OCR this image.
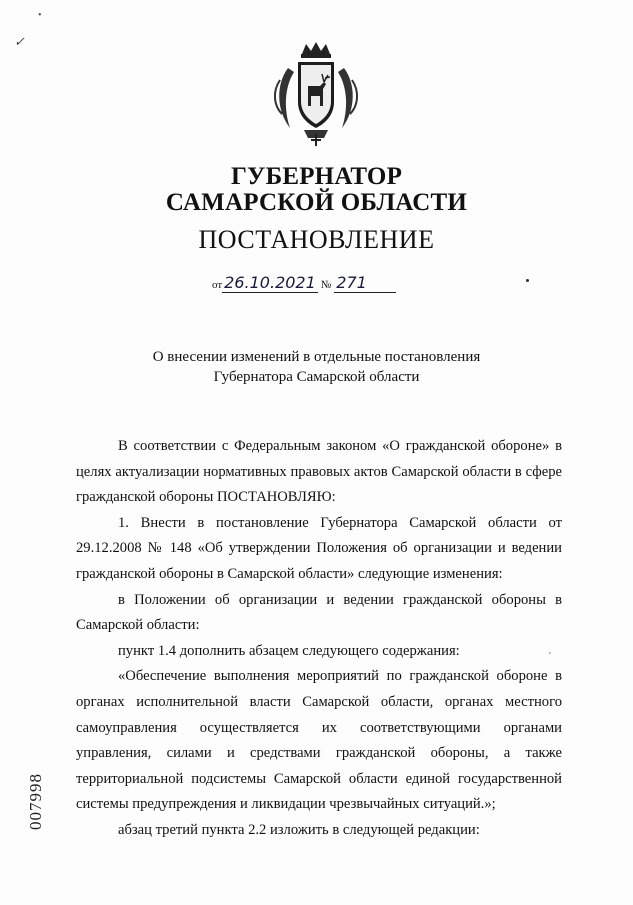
•
✓
ГУБЕРНАТОР
САМАРСКОЙ ОБЛАСТИ
ПОСТАНОВЛЕНИЕ
от 26.10.2021 № 271
О внесении изменений в отдельные постановления
Губернатора Самарской области

В соответствии с Федеральным законом «О гражданской обороне» в целях актуализации нормативных правовых актов Самарской области в сфере гражданской обороны ПОСТАНОВЛЯЮ:

1. Внести в постановление Губернатора Самарской области от 29.12.2008 № 148 «Об утверждении Положения об организации и ведении гражданской обороны в Самарской области» следующие изменения:

в Положении об организации и ведении гражданской обороны в Самарской области:

пункт 1.4 дополнить абзацем следующего содержания:

«Обеспечение выполнения мероприятий по гражданской обороне в органах исполнительной власти Самарской области, органах местного самоуправления осуществляется их соответствующими органами управления, силами и средствами гражданской обороны, а также территориальной подсистемы Самарской области единой государственной системы предупреждения и ликвидации чрезвычайных ситуаций.»;

абзац третий пункта 2.2 изложить в следующей редакции:

'
007998
